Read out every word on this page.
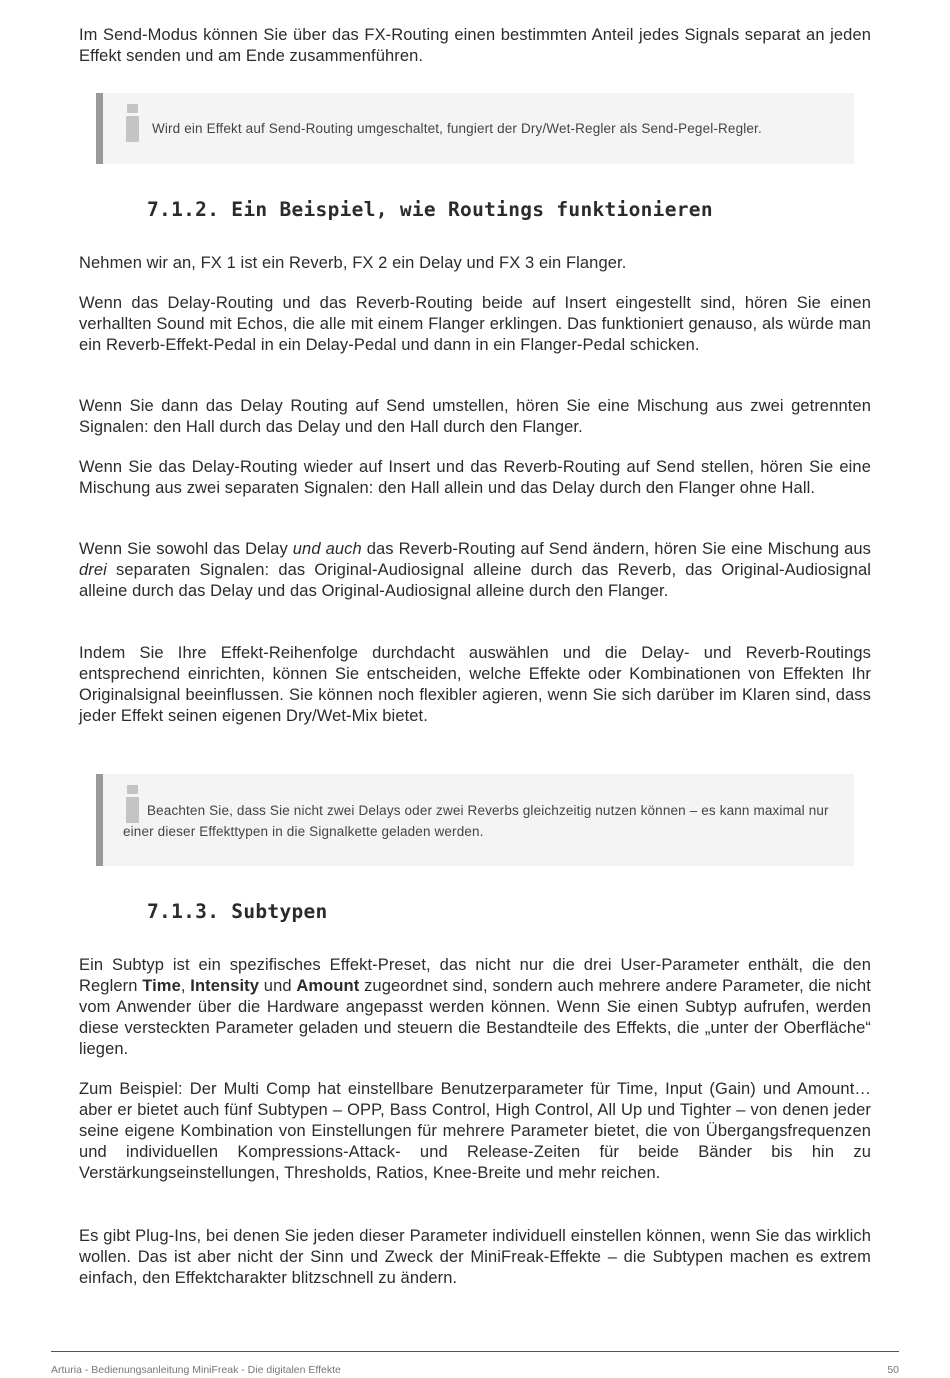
Im Send-Modus können Sie über das FX-Routing einen bestimmten Anteil jedes Signals separat an jeden Effekt senden und am Ende zusammenführen.

Wird ein Effekt auf Send-Routing umgeschaltet, fungiert der Dry/Wet-Regler als Send-Pegel-Regler.
7.1.2. Ein Beispiel, wie Routings funktionieren

Nehmen wir an, FX 1 ist ein Reverb, FX 2 ein Delay und FX 3 ein Flanger.

Wenn das Delay-Routing und das Reverb-Routing beide auf Insert eingestellt sind, hören Sie einen verhallten Sound mit Echos, die alle mit einem Flanger erklingen. Das funktioniert genauso, als würde man ein Reverb-Effekt-Pedal in ein Delay-Pedal und dann in ein Flanger-Pedal schicken.

Wenn Sie dann das Delay Routing auf Send umstellen, hören Sie eine Mischung aus zwei getrennten Signalen: den Hall durch das Delay und den Hall durch den Flanger.

Wenn Sie das Delay-Routing wieder auf Insert und das Reverb-Routing auf Send stellen, hören Sie eine Mischung aus zwei separaten Signalen: den Hall allein und das Delay durch den Flanger ohne Hall.

Wenn Sie sowohl das Delay und auch das Reverb-Routing auf Send ändern, hören Sie eine Mischung aus drei separaten Signalen: das Original-Audiosignal alleine durch das Reverb, das Original-Audiosignal alleine durch das Delay und das Original-Audiosignal alleine durch den Flanger.

Indem Sie Ihre Effekt-Reihenfolge durchdacht auswählen und die Delay- und Reverb-Routings entsprechend einrichten, können Sie entscheiden, welche Effekte oder Kombinationen von Effekten Ihr Originalsignal beeinflussen. Sie können noch flexibler agieren, wenn Sie sich darüber im Klaren sind, dass jeder Effekt seinen eigenen Dry/Wet-Mix bietet.

Beachten Sie, dass Sie nicht zwei Delays oder zwei Reverbs gleichzeitig nutzen können – es kann maximal nur einer dieser Effekttypen in die Signalkette geladen werden.
7.1.3. Subtypen

Ein Subtyp ist ein spezifisches Effekt-Preset, das nicht nur die drei User-Parameter enthält, die den Reglern Time, Intensity und Amount zugeordnet sind, sondern auch mehrere andere Parameter, die nicht vom Anwender über die Hardware angepasst werden können. Wenn Sie einen Subtyp aufrufen, werden diese versteckten Parameter geladen und steuern die Bestandteile des Effekts, die „unter der Oberfläche“ liegen.

Zum Beispiel: Der Multi Comp hat einstellbare Benutzerparameter für Time, Input (Gain) und Amount… aber er bietet auch fünf Subtypen – OPP, Bass Control, High Control, All Up und Tighter – von denen jeder seine eigene Kombination von Einstellungen für mehrere Parameter bietet, die von Übergangsfrequenzen und individuellen Kompressions-Attack- und Release-Zeiten für beide Bänder bis hin zu Verstärkungseinstellungen, Thresholds, Ratios, Knee-Breite und mehr reichen.

Es gibt Plug-Ins, bei denen Sie jeden dieser Parameter individuell einstellen können, wenn Sie das wirklich wollen. Das ist aber nicht der Sinn und Zweck der MiniFreak-Effekte – die Subtypen machen es extrem einfach, den Effektcharakter blitzschnell zu ändern.

Arturia - Bedienungsanleitung MiniFreak - Die digitalen Effekte	50
